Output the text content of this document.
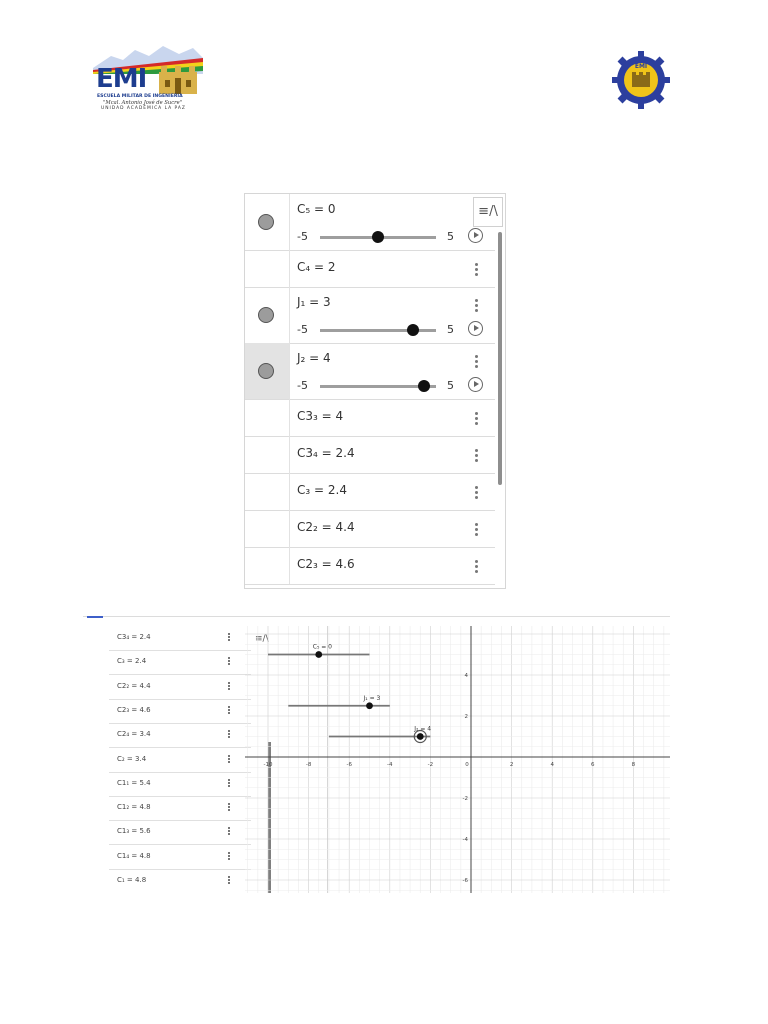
EMI
ESCUELA MILITAR DE INGENIERIA
"Mcal. Antonio José de Sucre"
UNIDAD ACADÉMICA LA PAZ
EMI
≡/\
C₅ = 0
-5	5
C₄ = 2
J₁ = 3
-5	5
J₂ = 4
-5	5
C3₃ = 4
C3₄ = 2.4
C₃ = 2.4
C2₂ = 4.4
C2₃ = 4.6
C3₄ = 2.4
C₃ = 2.4
C2₂ = 4.4
C2₃ = 4.6
C2₄ = 3.4
C₂ = 3.4
C1₁ = 5.4
C1₂ = 4.8
C1₃ = 5.6
C1₄ = 4.8
C₁ = 4.8
≡/\
-10	-8	-6	-4	-2	0	2	4	6	8
4
2
-2
-4
-6
C₅ = 0
J₁ = 3
J₂ = 4
